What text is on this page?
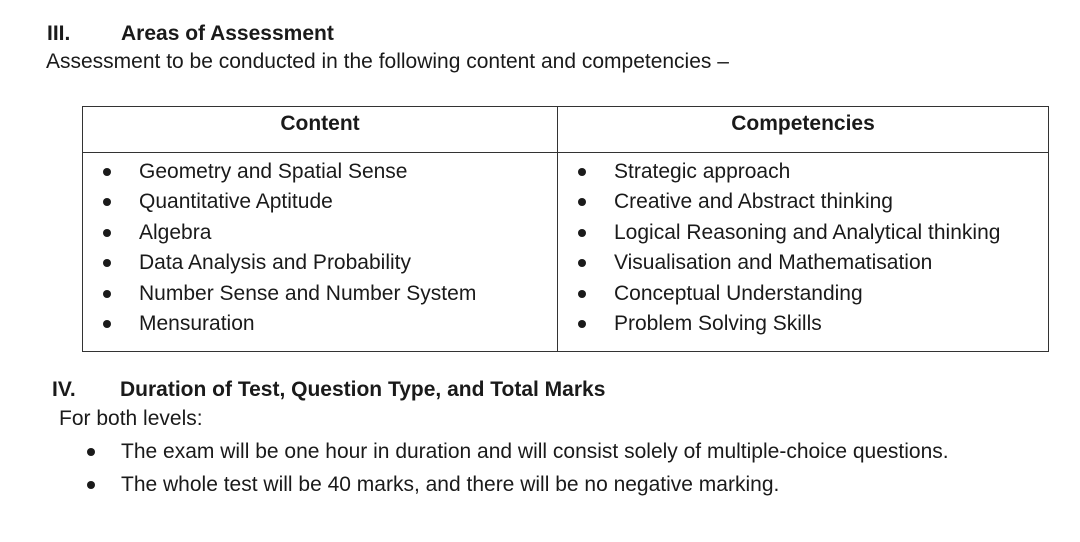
III. Areas of Assessment
Assessment to be conducted in the following content and competencies –
Content	Competencies
Geometry and Spatial Sense
Quantitative Aptitude
Algebra
Data Analysis and Probability
Number Sense and Number System
Mensuration
Strategic approach
Creative and Abstract thinking
Logical Reasoning and Analytical thinking
Visualisation and Mathematisation
Conceptual Understanding
Problem Solving Skills
IV. Duration of Test, Question Type, and Total Marks
For both levels:
The exam will be one hour in duration and will consist solely of multiple-choice questions.
The whole test will be 40 marks, and there will be no negative marking.
